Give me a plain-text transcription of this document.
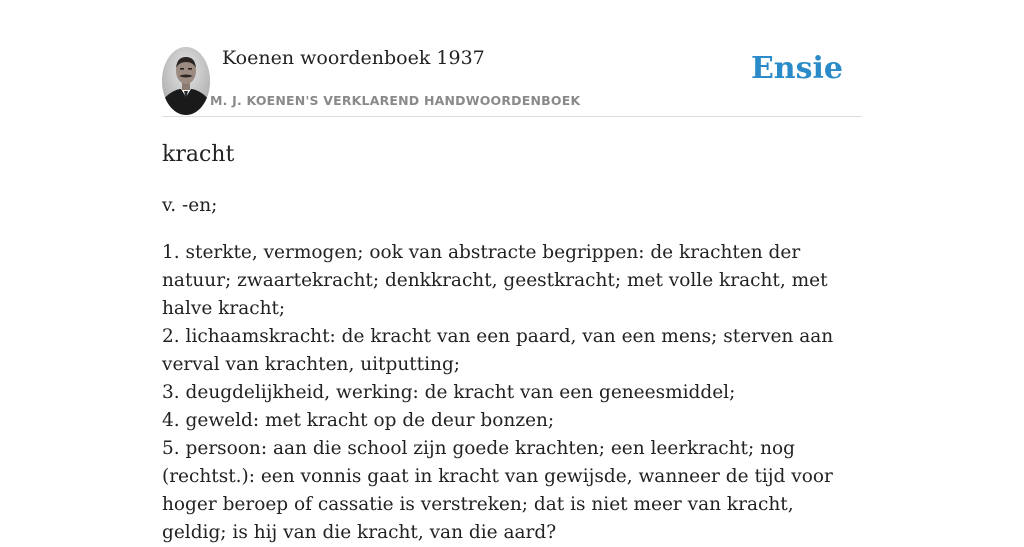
Koenen woordenboek 1937
M. J. KOENEN'S VERKLAREND HANDWOORDENBOEK
Ensie
kracht

v. -en;

1. sterkte, vermogen; ook van abstracte begrippen: de krachten der natuur; zwaartekracht; denkkracht, geestkracht; met volle kracht, met halve kracht;
2. lichaamskracht: de kracht van een paard, van een mens; sterven aan verval van krachten, uitputting;
3. deugdelijkheid, werking: de kracht van een geneesmiddel;
4. geweld: met kracht op de deur bonzen;
5. persoon: aan die school zijn goede krachten; een leerkracht; nog (rechtst.): een vonnis gaat in kracht van gewijsde, wanneer de tijd voor hoger beroep of cassatie is verstreken; dat is niet meer van kracht, geldig; is hij van die kracht, van die aard?
